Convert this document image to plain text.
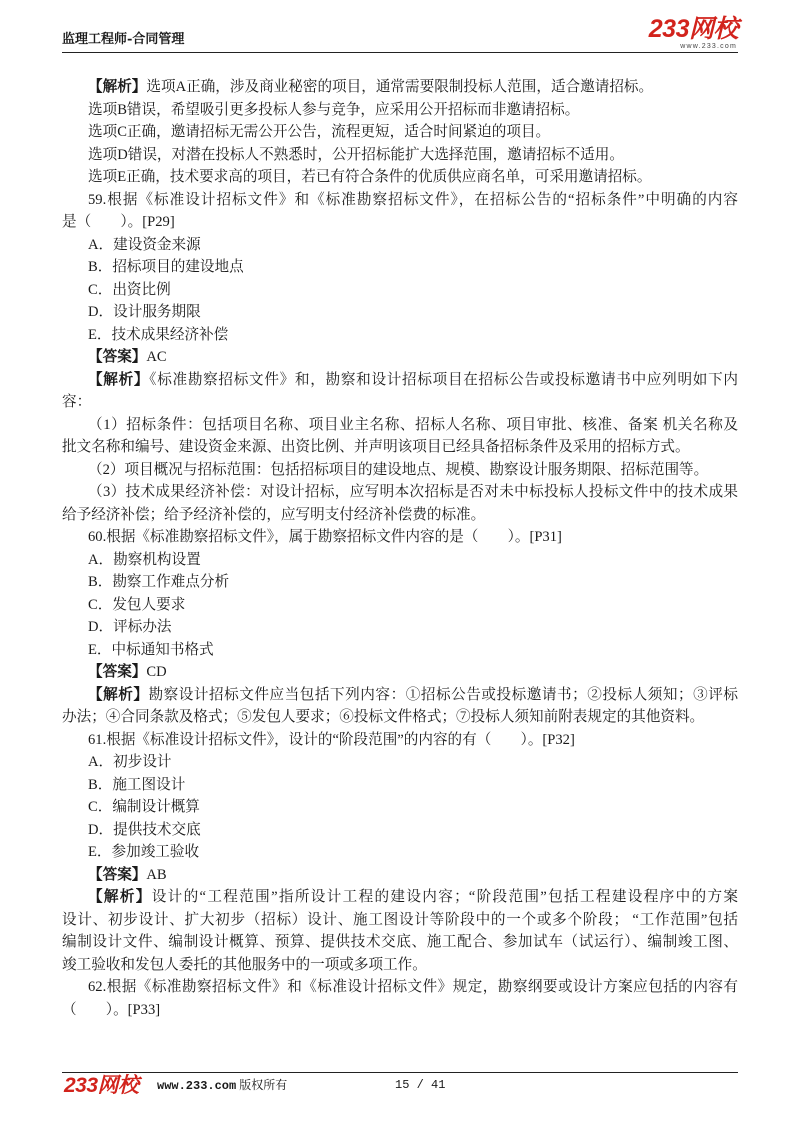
监理工程师-合同管理	233网校
www.233.com
【解析】选项A正确，涉及商业秘密的项目，通常需要限制投标人范围，适合邀请招标。
选项B错误，希望吸引更多投标人参与竞争，应采用公开招标而非邀请招标。
选项C正确，邀请招标无需公开公告，流程更短，适合时间紧迫的项目。
选项D错误，对潜在投标人不熟悉时，公开招标能扩大选择范围，邀请招标不适用。
选项E正确，技术要求高的项目，若已有符合条件的优质供应商名单，可采用邀请招标。
59.根据《标准设计招标文件》和《标准勘察招标文件》，在招标公告的“招标条件”中明确的内容
是（　　）。[P29]
A．建设资金来源
B．招标项目的建设地点
C．出资比例
D．设计服务期限
E．技术成果经济补偿
【答案】AC
【解析】《标准勘察招标文件》和，勘察和设计招标项目在招标公告或投标邀请书中应列明如下内
容：
（1）招标条件：包括项目名称、项目业主名称、招标人名称、项目审批、核准、备案 机关名称及
批文名称和编号、建设资金来源、出资比例、并声明该项目已经具备招标条件及采用的招标方式。
（2）项目概况与招标范围：包括招标项目的建设地点、规模、勘察设计服务期限、招标范围等。
（3）技术成果经济补偿：对设计招标，应写明本次招标是否对未中标投标人投标文件中的技术成果
给予经济补偿；给予经济补偿的，应写明支付经济补偿费的标准。
60.根据《标准勘察招标文件》，属于勘察招标文件内容的是（　　）。[P31]
A．勘察机构设置
B．勘察工作难点分析
C．发包人要求
D．评标办法
E．中标通知书格式
【答案】CD
【解析】勘察设计招标文件应当包括下列内容：①招标公告或投标邀请书；②投标人须知；③评标
办法；④合同条款及格式；⑤发包人要求；⑥投标文件格式；⑦投标人须知前附表规定的其他资料。
61.根据《标准设计招标文件》，设计的“阶段范围”的内容的有（　　）。[P32]
A．初步设计
B．施工图设计
C．编制设计概算
D．提供技术交底
E．参加竣工验收
【答案】AB
【解析】设计的“工程范围”指所设计工程的建设内容；“阶段范围”包括工程建设程序中的方案
设计、初步设计、扩大初步（招标）设计、施工图设计等阶段中的一个或多个阶段； “工作范围”包括
编制设计文件、编制设计概算、预算、提供技术交底、施工配合、参加试车（试运行）、编制竣工图、
竣工验收和发包人委托的其他服务中的一项或多项工作。
62.根据《标准勘察招标文件》和《标准设计招标文件》规定，勘察纲要或设计方案应包括的内容有
（　　）。[P33]
233网校 www.233.com 版权所有	15 / 41
